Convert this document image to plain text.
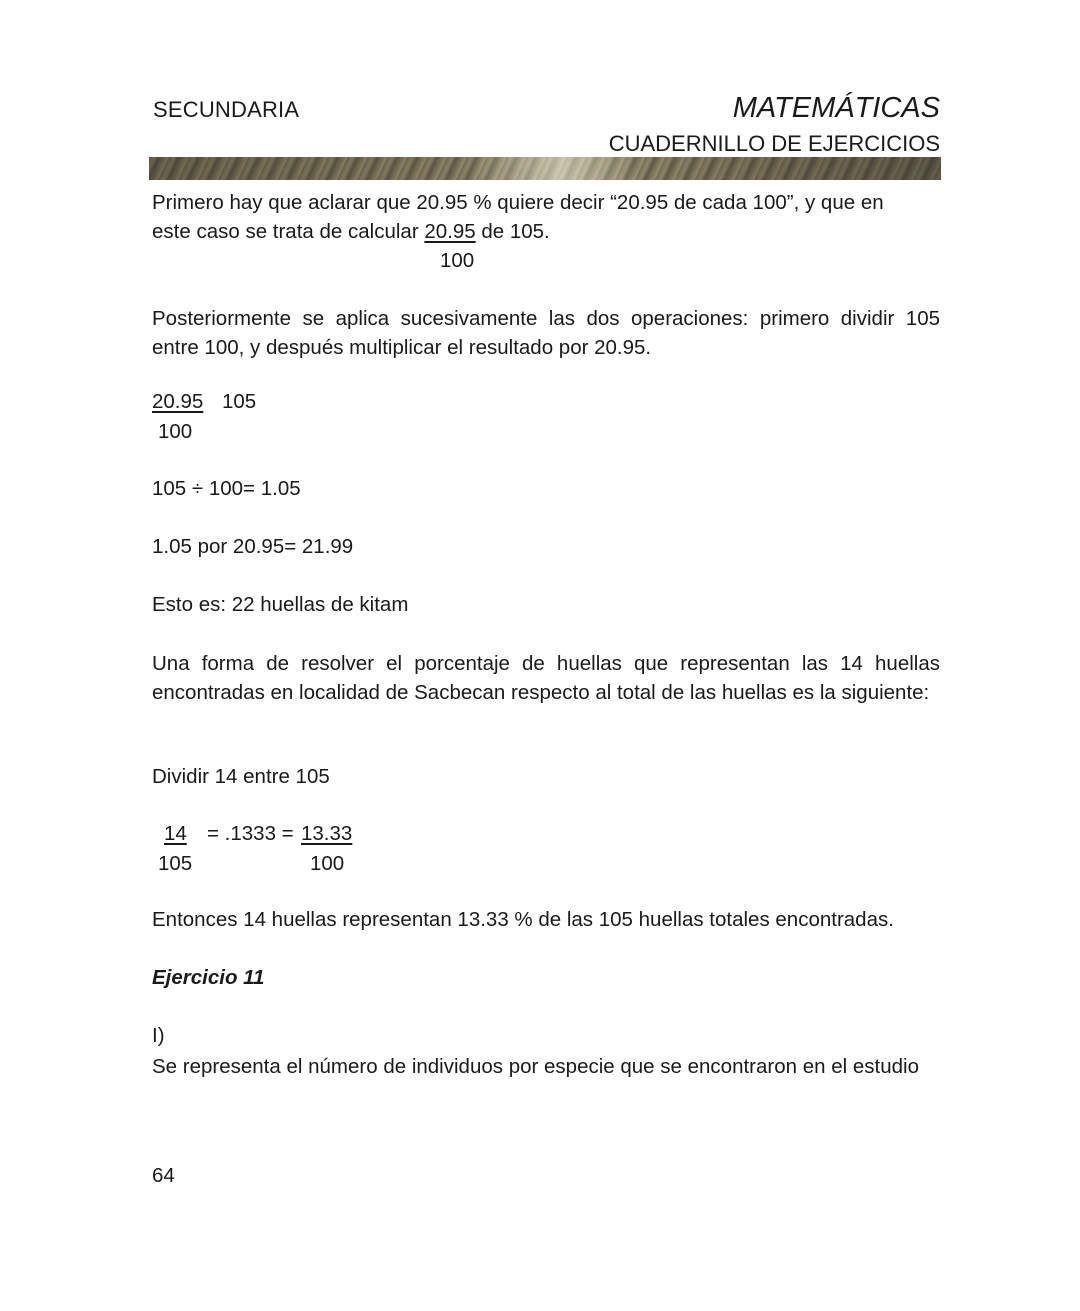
SECUNDARIA	MATEMÁTICAS
CUADERNILLO DE EJERCICIOS
Primero hay que aclarar que 20.95 % quiere decir “20.95 de cada 100”, y que en
este caso se trata de calcular 20.95 de 105.
100
Posteriormente se aplica sucesivamente las dos operaciones: primero dividir 105 entre 100, y después multiplicar el resultado por 20.95.
20.95 105
100
105 ÷ 100= 1.05
1.05 por 20.95= 21.99
Esto es: 22 huellas de kitam
Una forma de resolver el porcentaje de huellas que representan las 14 huellas encontradas en localidad de Sacbecan respecto al total de las huellas es la siguiente:
Dividir 14 entre 105
14 = .1333 = 13.33
105	100
Entonces 14 huellas representan 13.33 % de las 105 huellas totales encontradas.
Ejercicio 11
I)
Se representa el número de individuos por especie que se encontraron en el estudio
64
